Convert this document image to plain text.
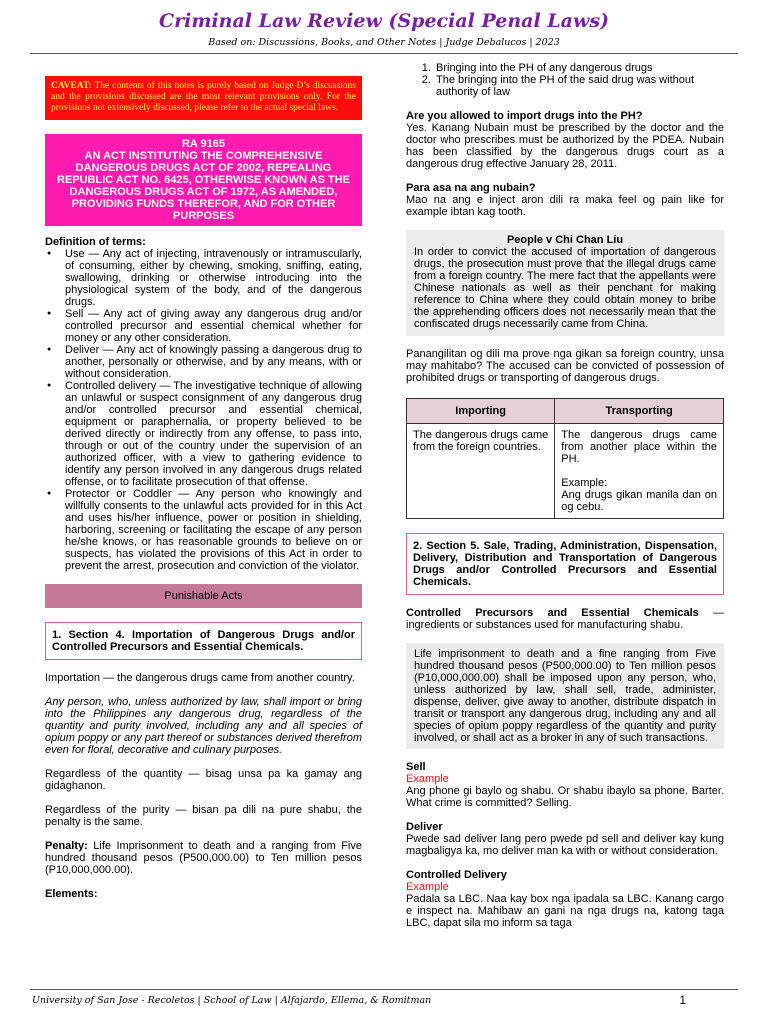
Criminal Law Review (Special Penal Laws)
Based on: Discussions, Books, and Other Notes | Judge Debalucos | 2023
CAVEAT: The contents of this notes is purely based on Judge D’s discussions and the provisions discussed are the most relevant provisions only. For the provisions not extensively discussed, please refer to the actual special laws.
RA 9165
AN ACT INSTITUTING THE COMPREHENSIVE DANGEROUS DRUGS ACT OF 2002, REPEALING REPUBLIC ACT NO. 6425, OTHERWISE KNOWN AS THE DANGEROUS DRUGS ACT OF 1972, AS AMENDED, PROVIDING FUNDS THEREFOR, AND FOR OTHER PURPOSES
Definition of terms:
● Use — Any act of injecting, intravenously or intramuscularly, of consuming, either by chewing, smoking, sniffing, eating, swallowing, drinking or otherwise introducing into the physiological system of the body, and of the dangerous drugs.
● Sell — Any act of giving away any dangerous drug and/or controlled precursor and essential chemical whether for money or any other consideration.
● Deliver — Any act of knowingly passing a dangerous drug to another, personally or otherwise, and by any means, with or without consideration.
● Controlled delivery — The investigative technique of allowing an unlawful or suspect consignment of any dangerous drug and/or controlled precursor and essential chemical, equipment or paraphernalia, or property believed to be derived directly or indirectly from any offense, to pass into, through or out of the country under the supervision of an authorized officer, with a view to gathering evidence to identify any person involved in any dangerous drugs related offense, or to facilitate prosecution of that offense.
● Protector or Coddler — Any person who knowingly and willfully consents to the unlawful acts provided for in this Act and uses his/her influence, power or position in shielding, harboring, screening or facilitating the escape of any person he/she knows, or has reasonable grounds to believe on or suspects, has violated the provisions of this Act in order to prevent the arrest, prosecution and conviction of the violator.
Punishable Acts
1. Section 4. Importation of Dangerous Drugs and/or Controlled Precursors and Essential Chemicals.

Importation — the dangerous drugs came from another country.

Any person, who, unless authorized by law, shall import or bring into the Philippines any dangerous drug, regardless of the quantity and purity involved, including any and all species of opium poppy or any part thereof or substances derived therefrom even for floral, decorative and culinary purposes.

Regardless of the quantity — bisag unsa pa ka gamay ang gidaghanon.

Regardless of the purity — bisan pa dili na pure shabu, the penalty is the same.

Penalty: Life Imprisonment to death and a ranging from Five hundred thousand pesos (P500,000.00) to Ten million pesos (P10,000,000.00).

Elements:

1. Bringing into the PH of any dangerous drugs
2. The bringing into the PH of the said drug was without authority of law

Are you allowed to import drugs into the PH?

Yes. Kanang Nubain must be prescribed by the doctor and the doctor who prescribes must be authorized by the PDEA. Nubain has been classified by the dangerous drugs court as a dangerous drug effective January 28, 2011.

Para asa na ang nubain?

Mao na ang e inject aron dili ra maka feel og pain like for example ibtan kag tooth.

People v Chi Chan Liu
In order to convict the accused of importation of dangerous drugs, the prosecution must prove that the illegal drugs came from a foreign country. The mere fact that the appellants were Chinese nationals as well as their penchant for making reference to China where they could obtain money to bribe the apprehending officers does not necessarily mean that the confiscated drugs necessarily came from China.

Panangilitan og dili ma prove nga gikan sa foreign country, unsa may mahitabo? The accused can be convicted of possession of prohibited drugs or transporting of dangerous drugs.

Importing	Transporting
The dangerous drugs came from the foreign countries.	The dangerous drugs came from another place within the PH.
Example:
Ang drugs gikan manila dan on og cebu.
2. Section 5. Sale, Trading, Administration, Dispensation, Delivery, Distribution and Transportation of Dangerous Drugs and/or Controlled Precursors and Essential Chemicals.

Controlled Precursors and Essential Chemicals — ingredients or substances used for manufacturing shabu.

Life imprisonment to death and a fine ranging from Five hundred thousand pesos (P500,000.00) to Ten million pesos (P10,000,000.00) shall be imposed upon any person, who, unless authorized by law, shall sell, trade, administer, dispense, deliver, give away to another, distribute dispatch in transit or transport any dangerous drug, including any and all species of opium poppy regardless of the quantity and purity involved, or shall act as a broker in any of such transactions.

Sell

Example

Ang phone gi baylo og shabu. Or shabu ibaylo sa phone. Barter. What crime is committed? Selling.

Deliver

Pwede sad deliver lang pero pwede pd sell and deliver kay kung magbaligya ka, mo deliver man ka with or without consideration.

Controlled Delivery

Example

Padala sa LBC. Naa kay box nga ipadala sa LBC. Kanang cargo e inspect na. Mahibaw an gani na nga drugs na, katong taga LBC, dapat sila mo inform sa taga

University of San Jose - Recoletos | School of Law | Alfajardo, Ellema, & Romitman	1
